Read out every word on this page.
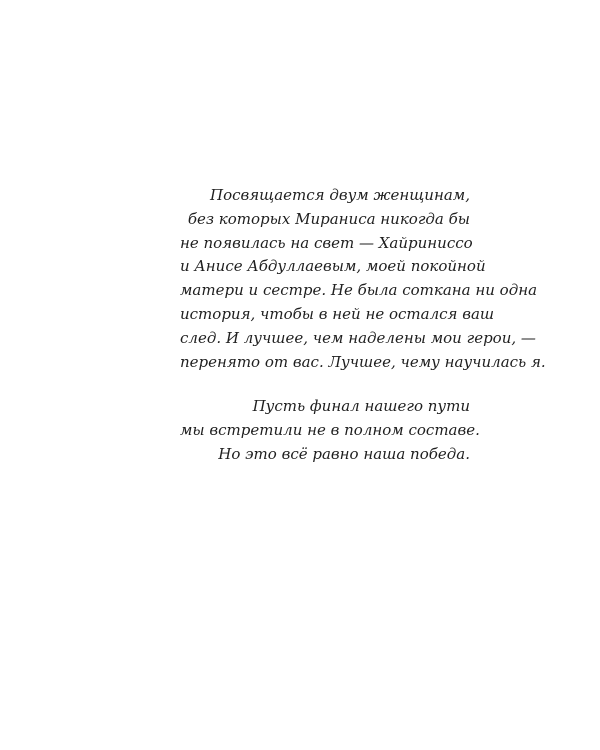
Посвящается двум женщинам,
без которых Мираниса никогда бы
не появилась на свет — Хайриниссо
и Анисе Абдуллаевым, моей покойной
матери и сестре. Не была соткана ни одна
история, чтобы в ней не остался ваш
след. И лучшее, чем наделены мои герои, —
перенято от вас. Лучшее, чему научилась я.

Пусть финал нашего пути
мы встретили не в полном составе.
Но это всё равно наша победа.
